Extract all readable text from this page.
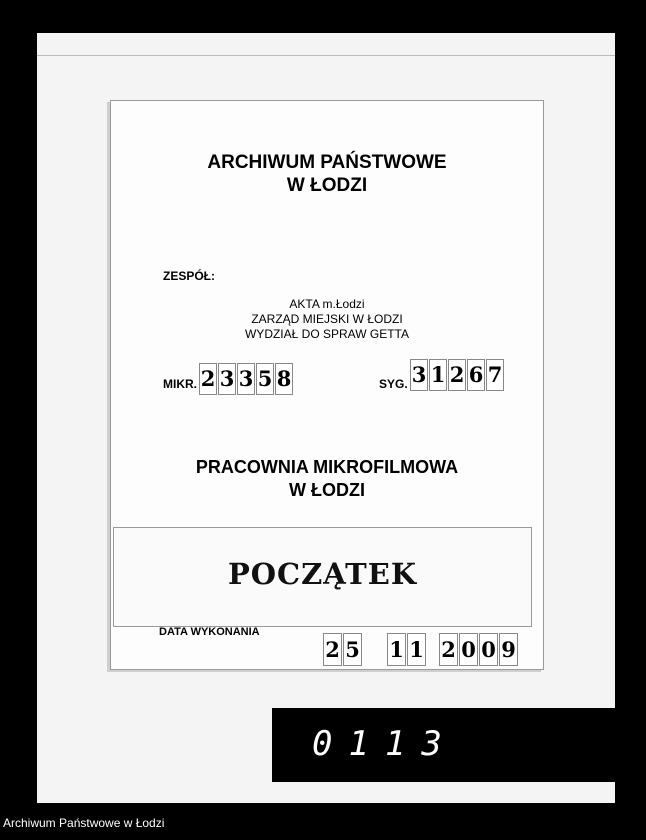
ARCHIWUM PAŃSTWOWE
W ŁODZI
ZESPÓŁ:
AKTA m.Łodzi
ZARZĄD MIEJSKI W ŁODZI
WYDZIAŁ DO SPRAW GETTA
MIKR. 2 3 3 5 8	SYG. 3 1 2 6 7
PRACOWNIA MIKROFILMOWA
W ŁODZI
POCZĄTEK
DATA WYKONANIA
2 5 1 1 2 0 0 9
0113
Archiwum Państwowe w Łodzi
